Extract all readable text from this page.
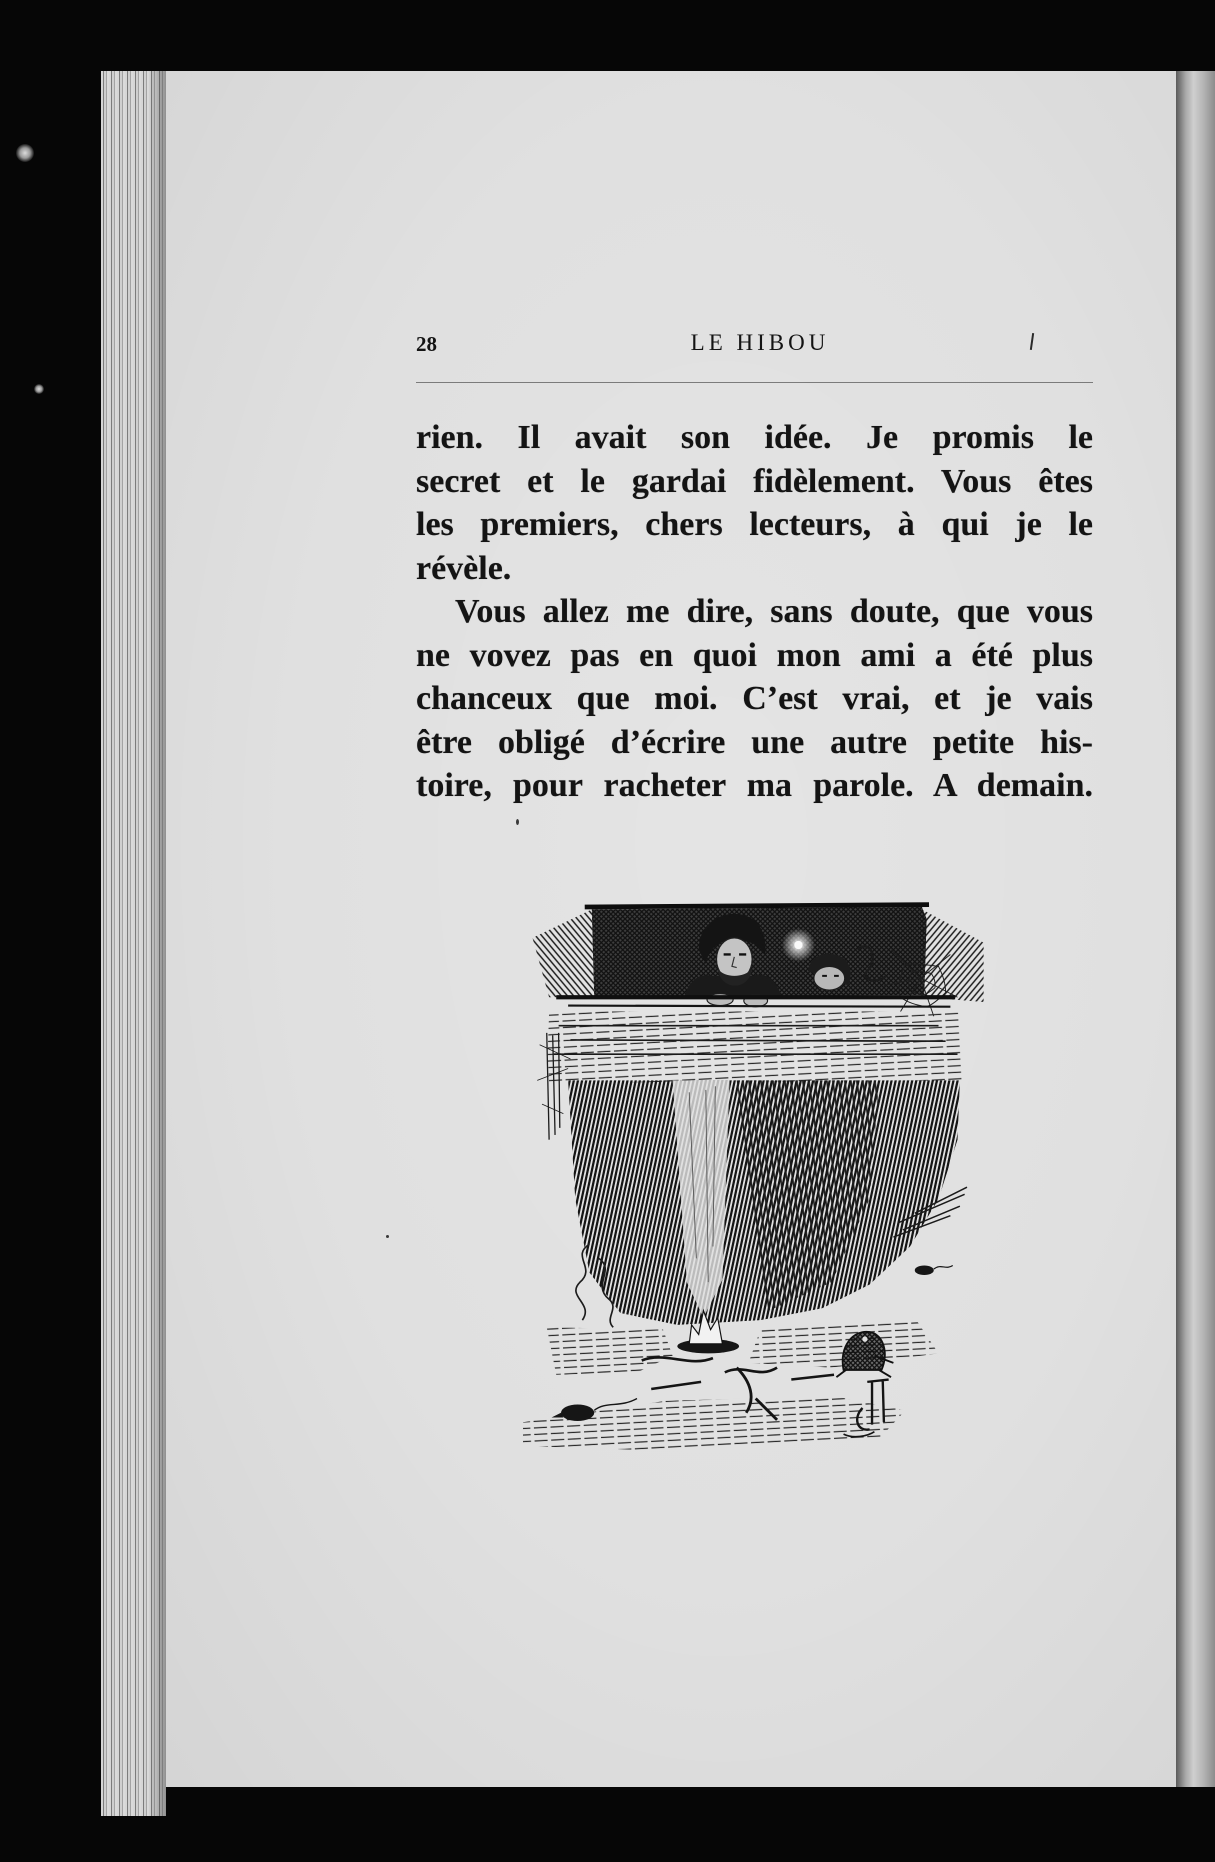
28	LE HIBOU
rien. Il avait son idée. Je promis le
secret et le gardai fidèlement. Vous êtes
les premiers, chers lecteurs, à qui je le
révèle.
Vous allez me dire, sans doute, que vous
ne vovez pas en quoi mon ami a été plus
chanceux que moi. C’est vrai, et je vais
être obligé d’écrire une autre petite his-
toire, pour racheter ma parole. A demain.
